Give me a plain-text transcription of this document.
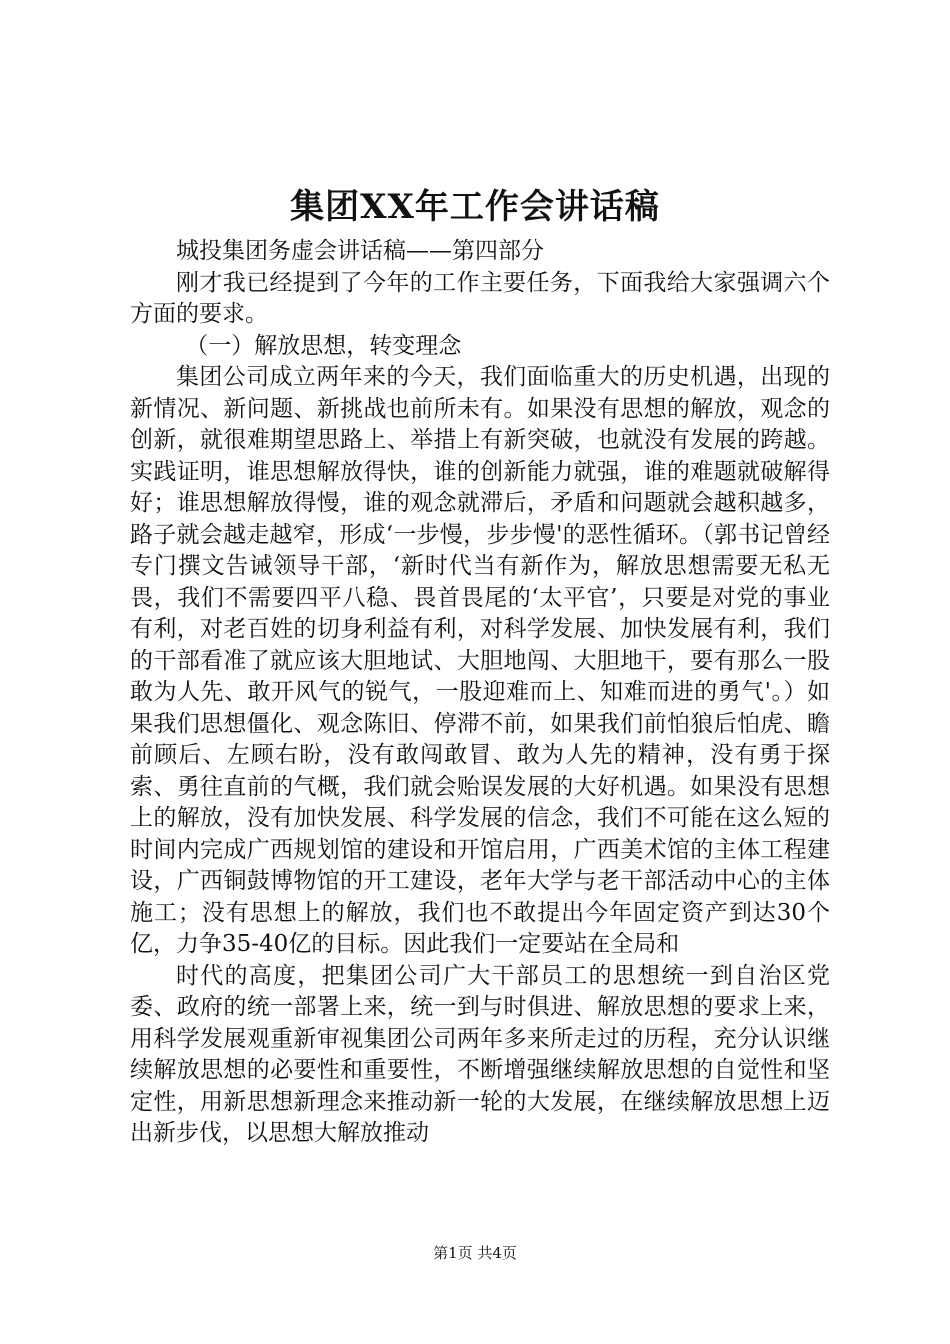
集团XX年工作会讲话稿

城投集团务虚会讲话稿——第四部分

刚才我已经提到了今年的工作主要任务，下面我给大家强调六个方面的要求。

（一）解放思想，转变理念

集团公司成立两年来的今天，我们面临重大的历史机遇，出现的新情况、新问题、新挑战也前所未有。如果没有思想的解放，观念的创新，就很难期望思路上、举措上有新突破，也就没有发展的跨越。实践证明，谁思想解放得快，谁的创新能力就强，谁的难题就破解得好；谁思想解放得慢，谁的观念就滞后，矛盾和问题就会越积越多，路子就会越走越窄，形成‘一步慢，步步慢'的恶性循环。（郭书记曾经专门撰文告诫领导干部，‘新时代当有新作为，解放思想需要无私无畏，我们不需要四平八稳、畏首畏尾的‘太平官’，只要是对党的事业有利，对老百姓的切身利益有利，对科学发展、加快发展有利，我们的干部看准了就应该大胆地试、大胆地闯、大胆地干，要有那么一股敢为人先、敢开风气的锐气，一股迎难而上、知难而进的勇气'。）如果我们思想僵化、观念陈旧、停滞不前，如果我们前怕狼后怕虎、瞻前顾后、左顾右盼，没有敢闯敢冒、敢为人先的精神，没有勇于探索、勇往直前的气概，我们就会贻误发展的大好机遇。如果没有思想上的解放，没有加快发展、科学发展的信念，我们不可能在这么短的时间内完成广西规划馆的建设和开馆启用，广西美术馆的主体工程建设，广西铜鼓博物馆的开工建设，老年大学与老干部活动中心的主体施工；没有思想上的解放，我们也不敢提出今年固定资产到达30个亿，力争35-40亿的目标。因此我们一定要站在全局和

时代的高度，把集团公司广大干部员工的思想统一到自治区党委、政府的统一部署上来，统一到与时俱进、解放思想的要求上来，用科学发展观重新审视集团公司两年多来所走过的历程，充分认识继续解放思想的必要性和重要性，不断增强继续解放思想的自觉性和坚定性，用新思想新理念来推动新一轮的大发展，在继续解放思想上迈出新步伐，以思想大解放推动

第1页 共4页
